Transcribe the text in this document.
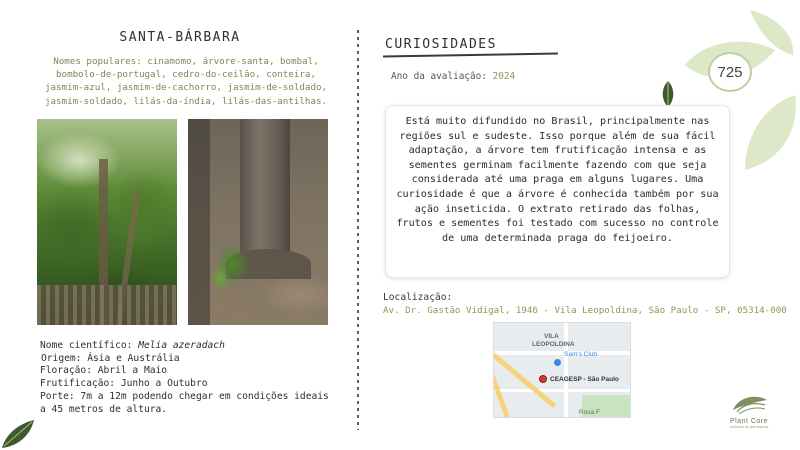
SANTA-BÁRBARA
Nomes populares: cinamomo, árvore-santa, bombal, bombolo-de-portugal, cedro-do-ceilão, conteira, jasmim-azul, jasmim-de-cachorro, jasmim-de-soldado, jasmim-soldado, lilás-da-índia, lilás-das-antilhas.
Nome científico: Melia azeradach
Origem: Ásia e Austrália
Floração: Abril a Maio
Frutificação: Junho a Outubro
Porte: 7m a 12m podendo chegar em condições ideais a 45 metros de altura.
CURIOSIDADES
Ano da avaliação: 2024	725
Está muito difundido no Brasil, principalmente nas regiões sul e sudeste. Isso porque além de sua fácil adaptação, a árvore tem frutificação intensa e as sementes germinam facilmente fazendo com que seja considerada até uma praga em alguns lugares. Uma curiosidade é que a árvore é conhecida também por sua ação inseticida. O extrato retirado das folhas, frutos e sementes foi testado com sucesso no controle de uma determinada praga do feijoeiro.
Localização:
Av. Dr. Gastão Vidigal, 1946 - Vila Leopoldina, São Paulo - SP, 05314-000
VILA
LEOPOLDINA
Sam's Club
CEAGESP - São Paulo
Rosa F
Plant Core
cuidando do que importa
